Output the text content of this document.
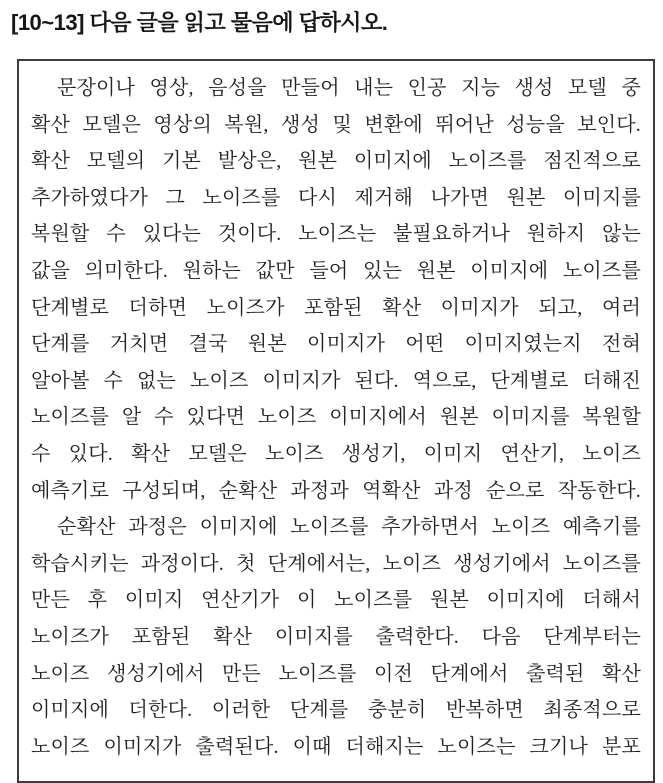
[10~13] 다음 글을 읽고 물음에 답하시오.
문장이나 영상, 음성을 만들어 내는 인공 지능 생성 모델 중
확산 모델은 영상의 복원, 생성 및 변환에 뛰어난 성능을 보인다.
확산 모델의 기본 발상은, 원본 이미지에 노이즈를 점진적으로
추가하였다가 그 노이즈를 다시 제거해 나가면 원본 이미지를
복원할 수 있다는 것이다. 노이즈는 불필요하거나 원하지 않는
값을 의미한다. 원하는 값만 들어 있는 원본 이미지에 노이즈를
단계별로 더하면 노이즈가 포함된 확산 이미지가 되고, 여러
단계를 거치면 결국 원본 이미지가 어떤 이미지였는지 전혀
알아볼 수 없는 노이즈 이미지가 된다. 역으로, 단계별로 더해진
노이즈를 알 수 있다면 노이즈 이미지에서 원본 이미지를 복원할
수 있다. 확산 모델은 노이즈 생성기, 이미지 연산기, 노이즈
예측기로 구성되며, 순확산 과정과 역확산 과정 순으로 작동한다.
순확산 과정은 이미지에 노이즈를 추가하면서 노이즈 예측기를
학습시키는 과정이다. 첫 단계에서는, 노이즈 생성기에서 노이즈를
만든 후 이미지 연산기가 이 노이즈를 원본 이미지에 더해서
노이즈가 포함된 확산 이미지를 출력한다. 다음 단계부터는
노이즈 생성기에서 만든 노이즈를 이전 단계에서 출력된 확산
이미지에 더한다. 이러한 단계를 충분히 반복하면 최종적으로
노이즈 이미지가 출력된다. 이때 더해지는 노이즈는 크기나 분포
